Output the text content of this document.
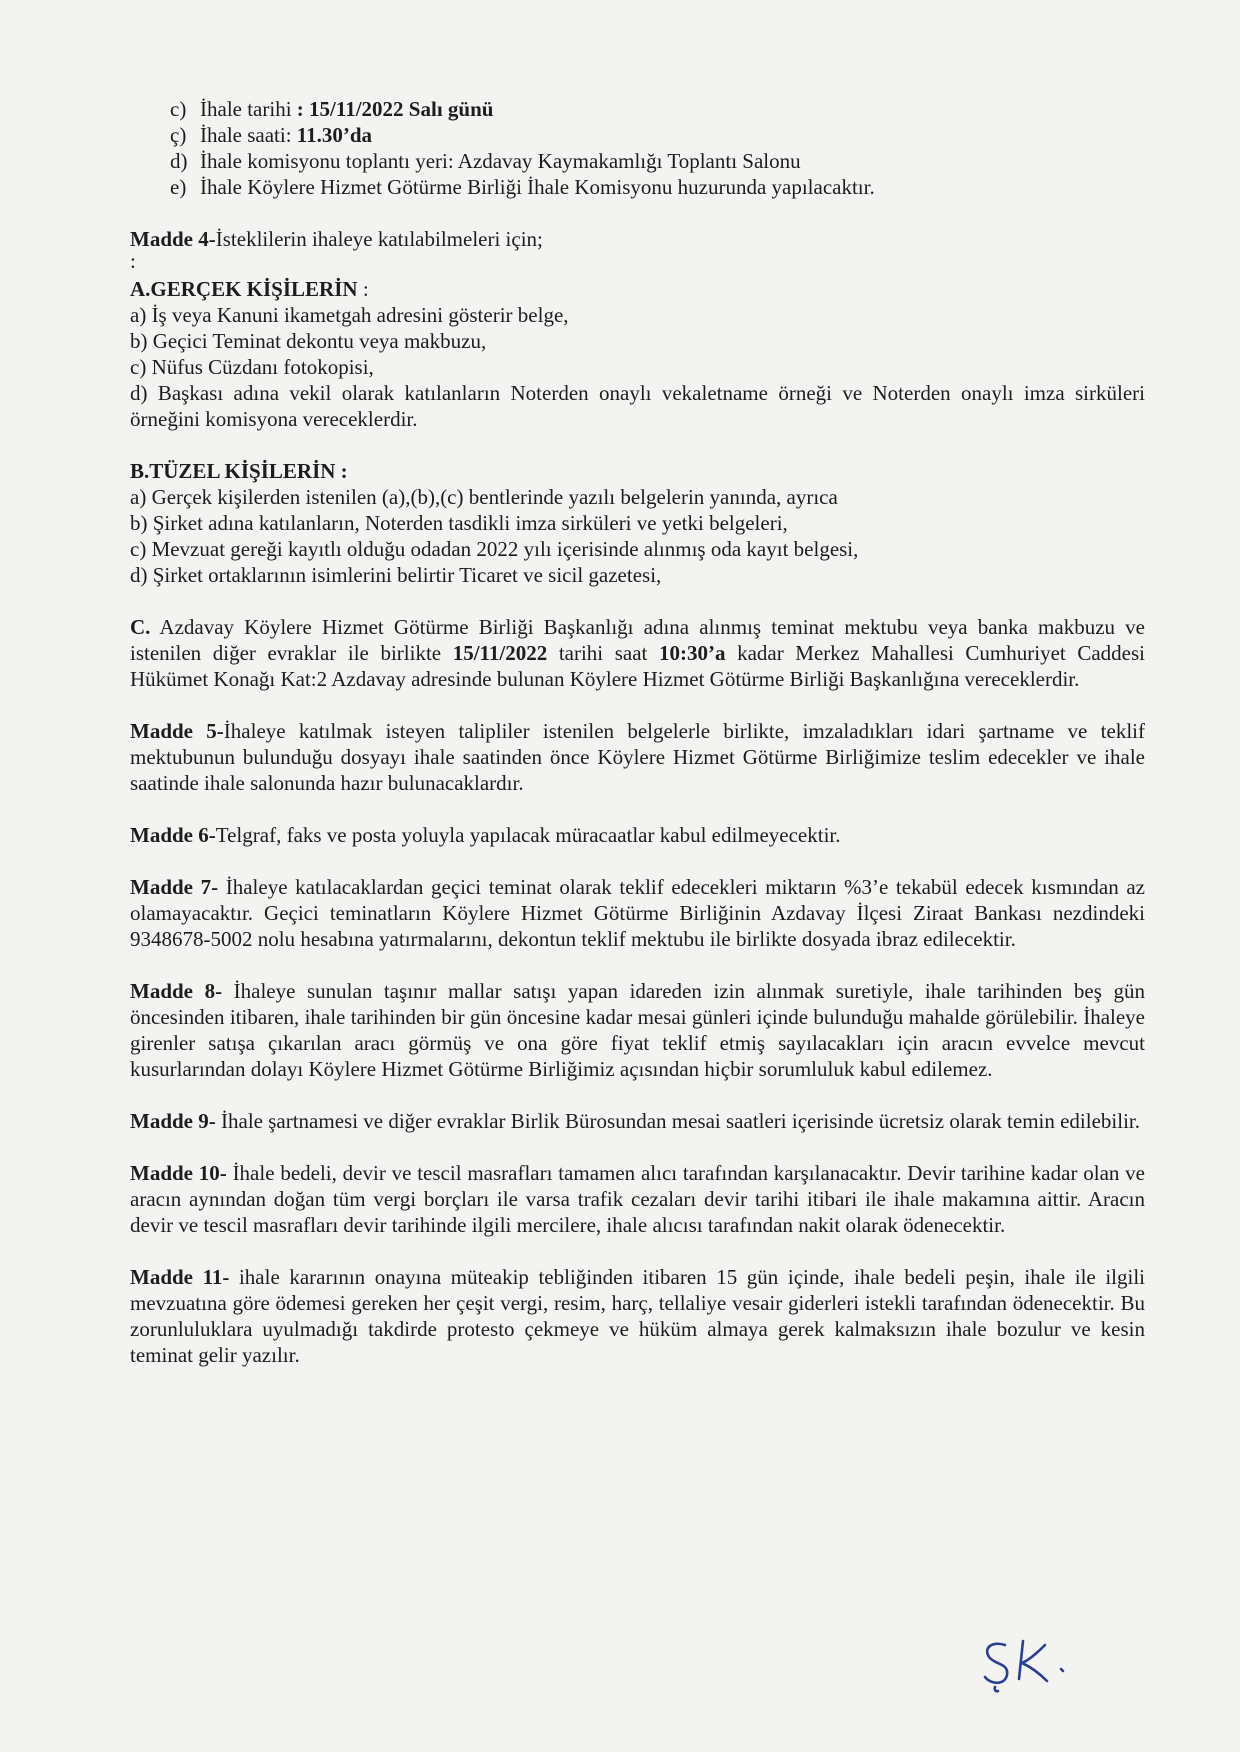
c) İhale tarihi : 15/11/2022 Salı günü
ç) İhale saati: 11.30’da
d) İhale komisyonu toplantı yeri: Azdavay Kaymakamlığı Toplantı Salonu
e) İhale Köylere Hizmet Götürme Birliği İhale Komisyonu huzurunda yapılacaktır.

Madde 4-İsteklilerin ihaleye katılabilmeleri için;

:

A.GERÇEK KİŞİLERİN :

a) İş veya Kanuni ikametgah adresini gösterir belge,

b) Geçici Teminat dekontu veya makbuzu,

c) Nüfus Cüzdanı fotokopisi,

d) Başkası adına vekil olarak katılanların Noterden onaylı vekaletname örneği ve Noterden onaylı imza sirküleri örneğini komisyona vereceklerdir.

B.TÜZEL KİŞİLERİN :

a) Gerçek kişilerden istenilen (a),(b),(c) bentlerinde yazılı belgelerin yanında, ayrıca

b) Şirket adına katılanların, Noterden tasdikli imza sirküleri ve yetki belgeleri,

c) Mevzuat gereği kayıtlı olduğu odadan 2022 yılı içerisinde alınmış oda kayıt belgesi,

d) Şirket ortaklarının isimlerini belirtir Ticaret ve sicil gazetesi,

C. Azdavay Köylere Hizmet Götürme Birliği Başkanlığı adına alınmış teminat mektubu veya banka makbuzu ve istenilen diğer evraklar ile birlikte 15/11/2022 tarihi saat 10:30’a kadar Merkez Mahallesi Cumhuriyet Caddesi Hükümet Konağı Kat:2 Azdavay adresinde bulunan Köylere Hizmet Götürme Birliği Başkanlığına vereceklerdir.

Madde 5-İhaleye katılmak isteyen talipliler istenilen belgelerle birlikte, imzaladıkları idari şartname ve teklif mektubunun bulunduğu dosyayı ihale saatinden önce Köylere Hizmet Götürme Birliğimize teslim edecekler ve ihale saatinde ihale salonunda hazır bulunacaklardır.

Madde 6-Telgraf, faks ve posta yoluyla yapılacak müracaatlar kabul edilmeyecektir.

Madde 7- İhaleye katılacaklardan geçici teminat olarak teklif edecekleri miktarın %3’e tekabül edecek kısmından az olamayacaktır. Geçici teminatların Köylere Hizmet Götürme Birliğinin Azdavay İlçesi Ziraat Bankası nezdindeki 9348678-5002 nolu hesabına yatırmalarını, dekontun teklif mektubu ile birlikte dosyada ibraz edilecektir.

Madde 8- İhaleye sunulan taşınır mallar satışı yapan idareden izin alınmak suretiyle, ihale tarihinden beş gün öncesinden itibaren, ihale tarihinden bir gün öncesine kadar mesai günleri içinde bulunduğu mahalde görülebilir. İhaleye girenler satışa çıkarılan aracı görmüş ve ona göre fiyat teklif etmiş sayılacakları için aracın evvelce mevcut kusurlarından dolayı Köylere Hizmet Götürme Birliğimiz açısından hiçbir sorumluluk kabul edilemez.

Madde 9- İhale şartnamesi ve diğer evraklar Birlik Bürosundan mesai saatleri içerisinde ücretsiz olarak temin edilebilir.

Madde 10- İhale bedeli, devir ve tescil masrafları tamamen alıcı tarafından karşılanacaktır. Devir tarihine kadar olan ve aracın aynından doğan tüm vergi borçları ile varsa trafik cezaları devir tarihi itibari ile ihale makamına aittir. Aracın devir ve tescil masrafları devir tarihinde ilgili mercilere, ihale alıcısı tarafından nakit olarak ödenecektir.

Madde 11- ihale kararının onayına müteakip tebliğinden itibaren 15 gün içinde, ihale bedeli peşin, ihale ile ilgili mevzuatına göre ödemesi gereken her çeşit vergi, resim, harç, tellaliye vesair giderleri istekli tarafından ödenecektir. Bu zorunluluklara uyulmadığı takdirde protesto çekmeye ve hüküm almaya gerek kalmaksızın ihale bozulur ve kesin teminat gelir yazılır.
